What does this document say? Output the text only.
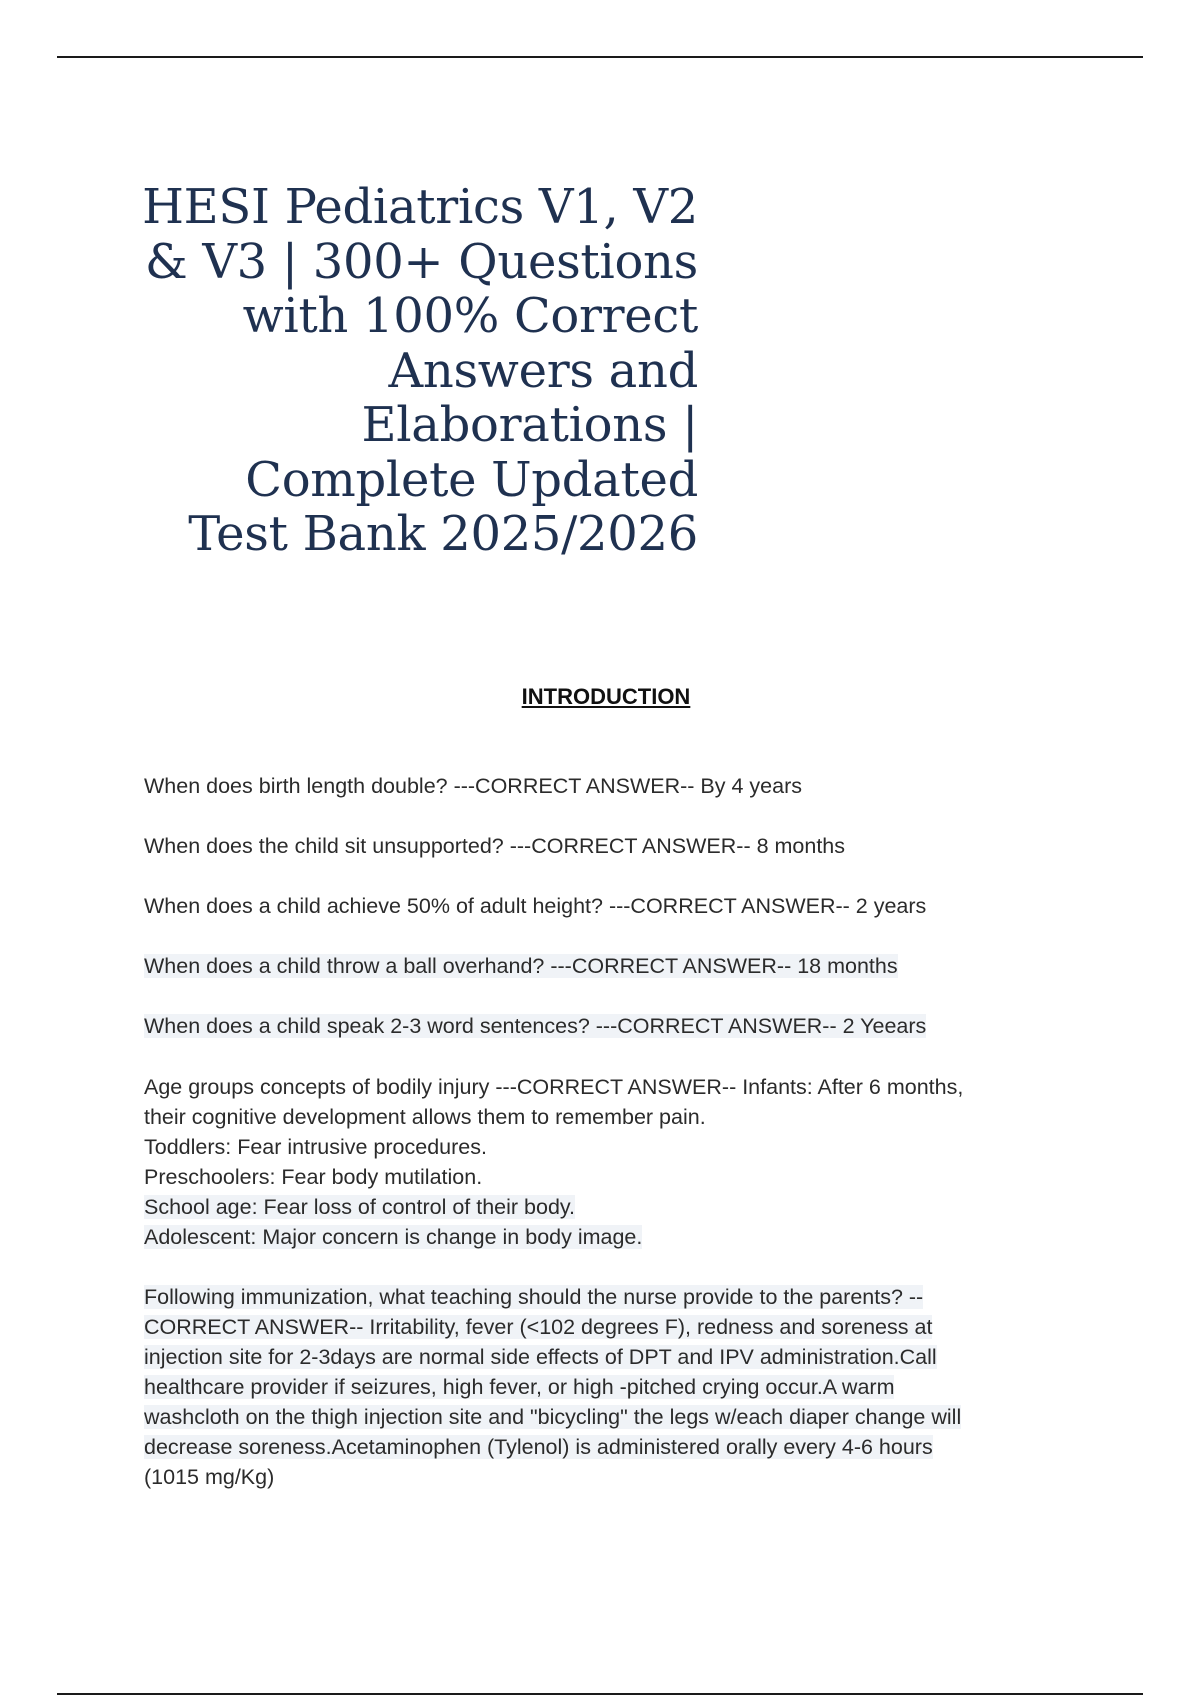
HESI Pediatrics V1, V2
& V3 | 300+ Questions
with 100% Correct
Answers and
Elaborations |
Complete Updated
Test Bank 2025/2026
INTRODUCTION
When does birth length double? ---CORRECT ANSWER-- By 4 years
When does the child sit unsupported? ---CORRECT ANSWER-- 8 months
When does a child achieve 50% of adult height? ---CORRECT ANSWER-- 2 years
When does a child throw a ball overhand? ---CORRECT ANSWER-- 18 months
When does a child speak 2-3 word sentences? ---CORRECT ANSWER-- 2 Yeears
Age groups concepts of bodily injury ---CORRECT ANSWER-- Infants: After 6 months,
their cognitive development allows them to remember pain.
Toddlers: Fear intrusive procedures.
Preschoolers: Fear body mutilation.
School age: Fear loss of control of their body.
Adolescent: Major concern is change in body image.
Following immunization, what teaching should the nurse provide to the parents? --
CORRECT ANSWER-- Irritability, fever (<102 degrees F), redness and soreness at
injection site for 2-3days are normal side effects of DPT and IPV administration.Call
healthcare provider if seizures, high fever, or high -pitched crying occur.A warm
washcloth on the thigh injection site and "bicycling" the legs w/each diaper change will
decrease soreness.Acetaminophen (Tylenol) is administered orally every 4-6 hours
(1015 mg/Kg)
